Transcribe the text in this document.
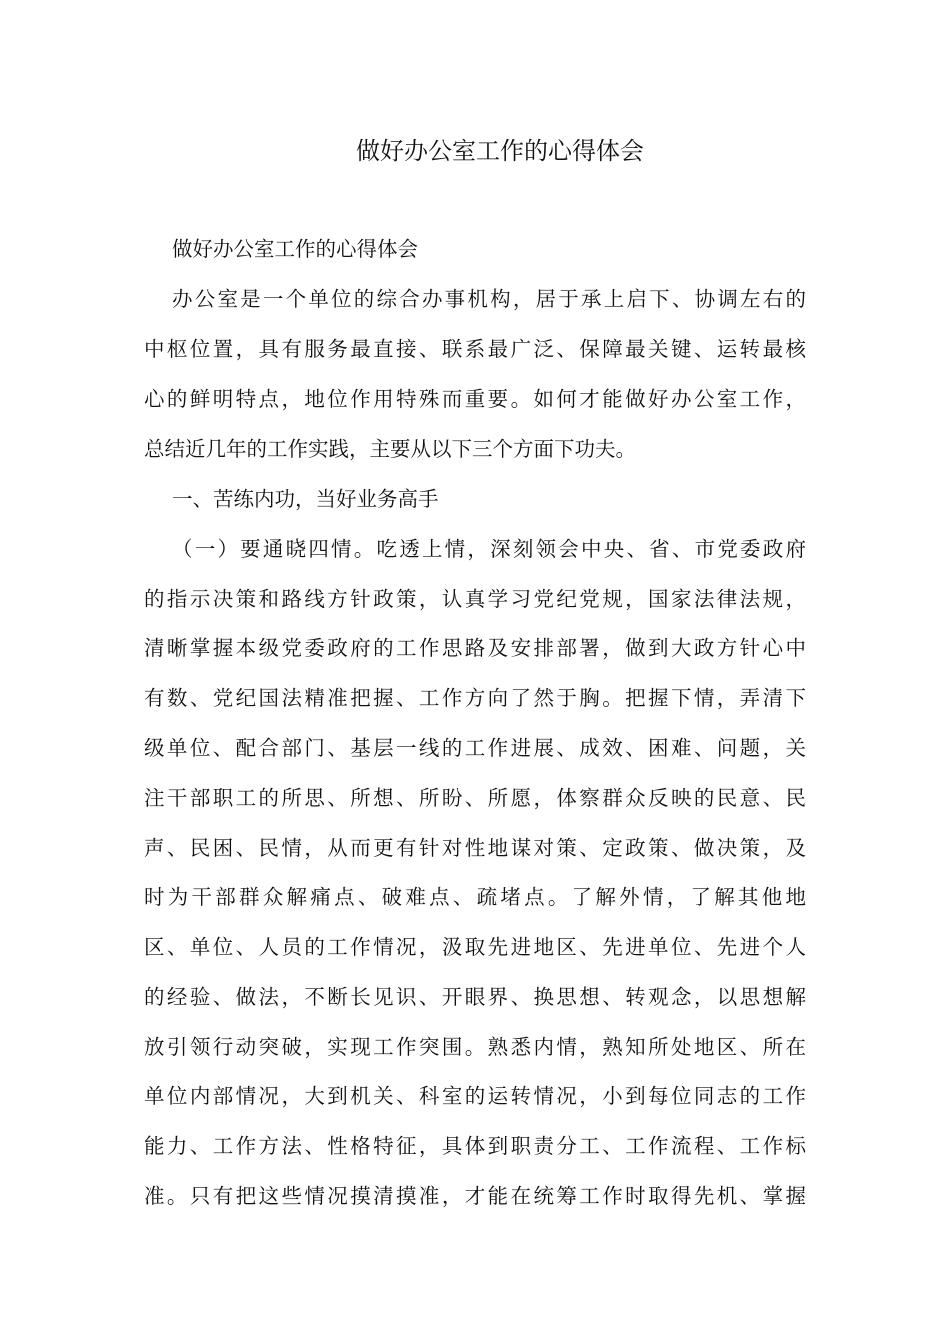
做好办公室工作的心得体会
做好办公室工作的心得体会
办公室是一个单位的综合办事机构，居于承上启下、协调左右的
中枢位置，具有服务最直接、联系最广泛、保障最关键、运转最核
心的鲜明特点，地位作用特殊而重要。如何才能做好办公室工作，
总结近几年的工作实践，主要从以下三个方面下功夫。
一、苦练内功，当好业务高手
（一）要通晓四情。吃透上情，深刻领会中央、省、市党委政府
的指示决策和路线方针政策，认真学习党纪党规，国家法律法规，
清晰掌握本级党委政府的工作思路及安排部署，做到大政方针心中
有数、党纪国法精准把握、工作方向了然于胸。把握下情，弄清下
级单位、配合部门、基层一线的工作进展、成效、困难、问题，关
注干部职工的所思、所想、所盼、所愿，体察群众反映的民意、民
声、民困、民情，从而更有针对性地谋对策、定政策、做决策，及
时为干部群众解痛点、破难点、疏堵点。了解外情，了解其他地
区、单位、人员的工作情况，汲取先进地区、先进单位、先进个人
的经验、做法，不断长见识、开眼界、换思想、转观念，以思想解
放引领行动突破，实现工作突围。熟悉内情，熟知所处地区、所在
单位内部情况，大到机关、科室的运转情况，小到每位同志的工作
能力、工作方法、性格特征，具体到职责分工、工作流程、工作标
准。只有把这些情况摸清摸准，才能在统筹工作时取得先机、掌握
